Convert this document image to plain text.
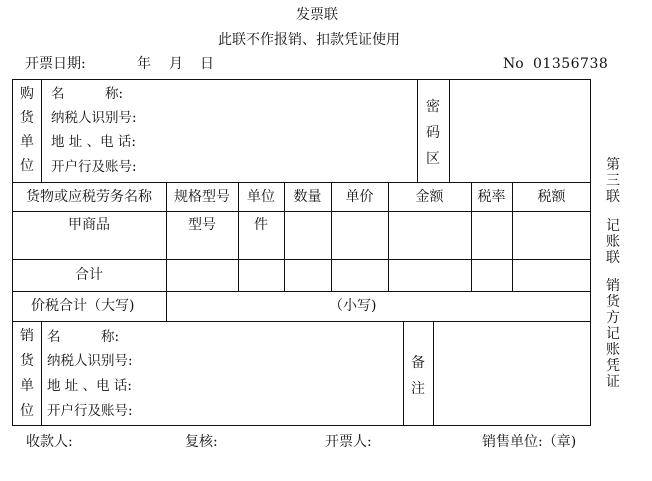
发票联
此联不作报销、扣款凭证使用
开票日期:	年 月 日	No 01356738
购
货
单
位
名　　　称:
纳税人识别号:
地 址 、电 话:
开户行及账号:
密
码
区
货物或应税劳务名称	规格型号	单位	数量	单价	金额	税率	税额
甲商品	型号	件
合计
价税合计（大写)	（小写)
销
货
单
位
名　　　称:
纳税人识别号:
地 址 、电 话:
开户行及账号:
备
注
收款人:	复核:	开票人:	销售单位:（章)
第
三
联
记
账
联
销
货
方
记
账
凭
证
